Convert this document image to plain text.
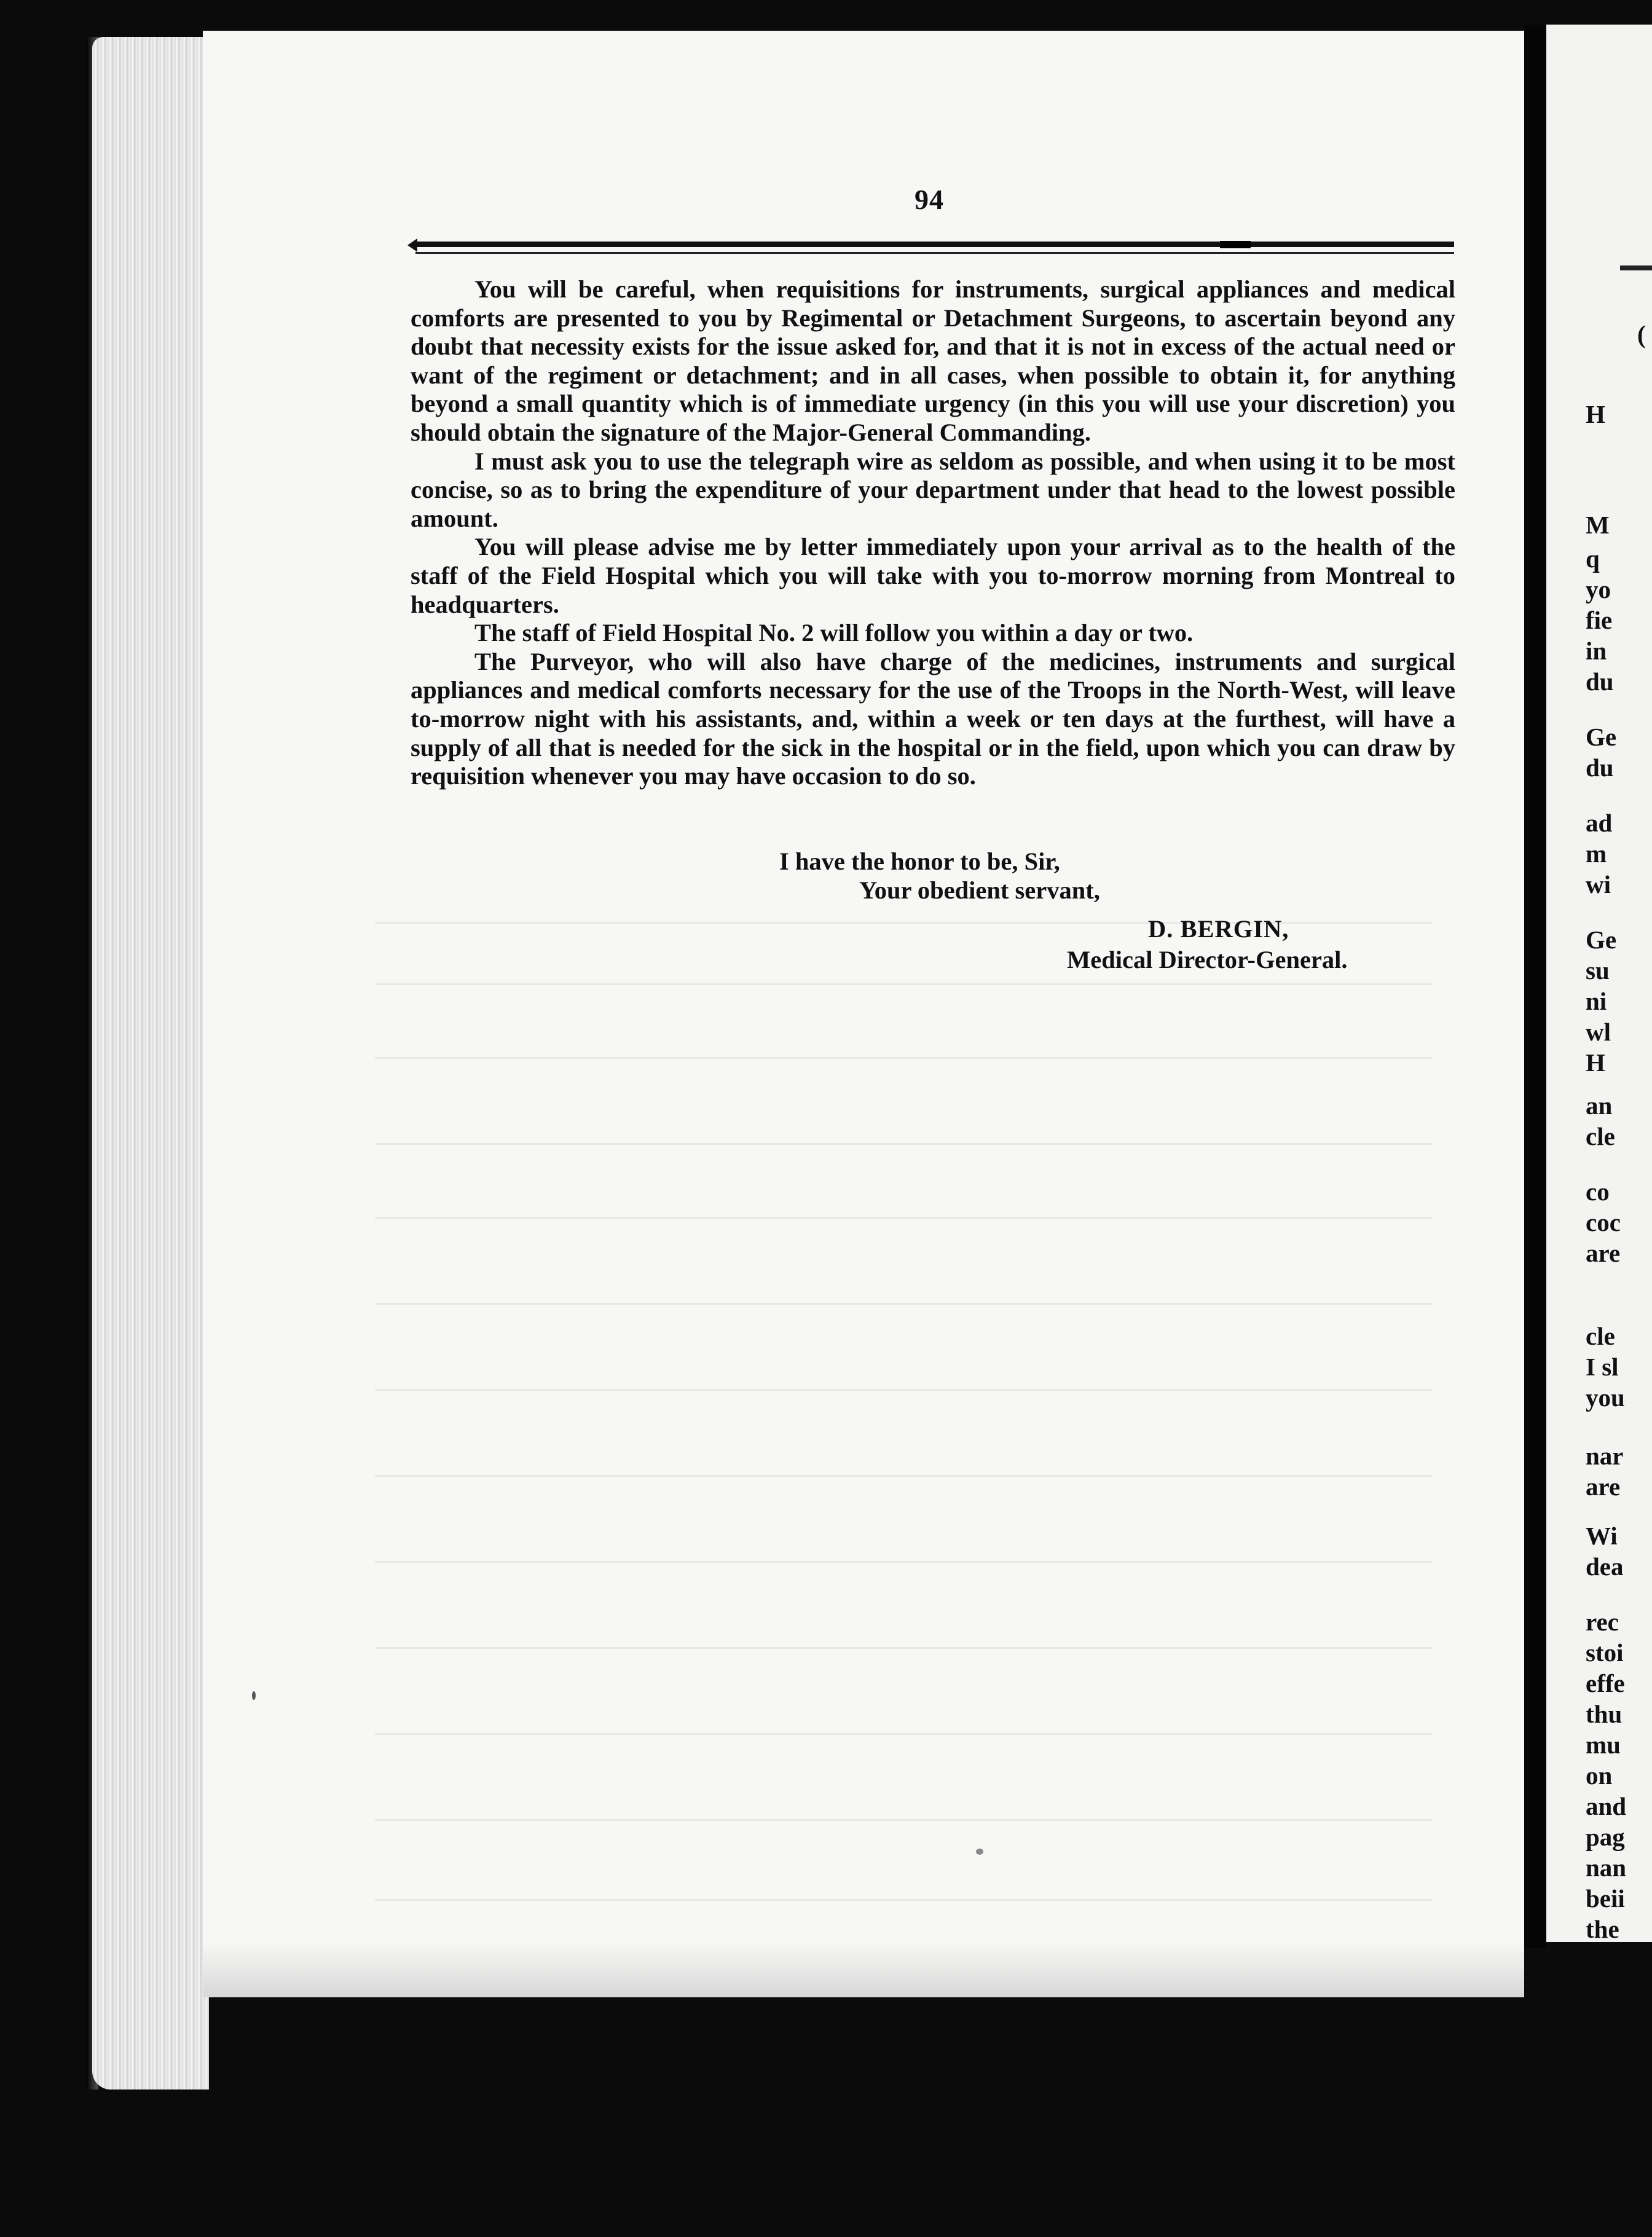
(
H
M
q
yo
fie
in
du
Ge
du
ad
m
wi
Ge
su
ni
wl
H
an
cle
co
coc
are
cle
I sl
you
nar
are
Wi
dea
rec
stoi
effe
thu
mu
on
and
pag
nan
beii
the
94

You will be careful, when requisitions for instruments, surgical appliances and medical comforts are presented to you by Regimental or Detachment Surgeons, to ascertain beyond any doubt that necessity exists for the issue asked for, and that it is not in excess of the actual need or want of the regiment or detachment; and in all cases, when possible to obtain it, for anything beyond a small quantity which is of immediate urgency (in this you will use your discretion) you should obtain the signature of the Major-General Commanding.

I must ask you to use the telegraph wire as seldom as possible, and when using it to be most concise, so as to bring the expenditure of your department under that head to the lowest possible amount.

You will please advise me by letter immediately upon your arrival as to the health of the staff of the Field Hospital which you will take with you to-morrow morning from Montreal to headquarters.

The staff of Field Hospital No. 2 will follow you within a day or two.

The Purveyor, who will also have charge of the medicines, instruments and surgical appliances and medical comforts necessary for the use of the Troops in the North-West, will leave to-morrow night with his assistants, and, within a week or ten days at the furthest, will have a supply of all that is needed for the sick in the hospital or in the field, upon which you can draw by requisition whenever you may have occasion to do so.

I have the honor to be, Sir,
Your obedient servant,
D. BERGIN,
Medical Director-General.
